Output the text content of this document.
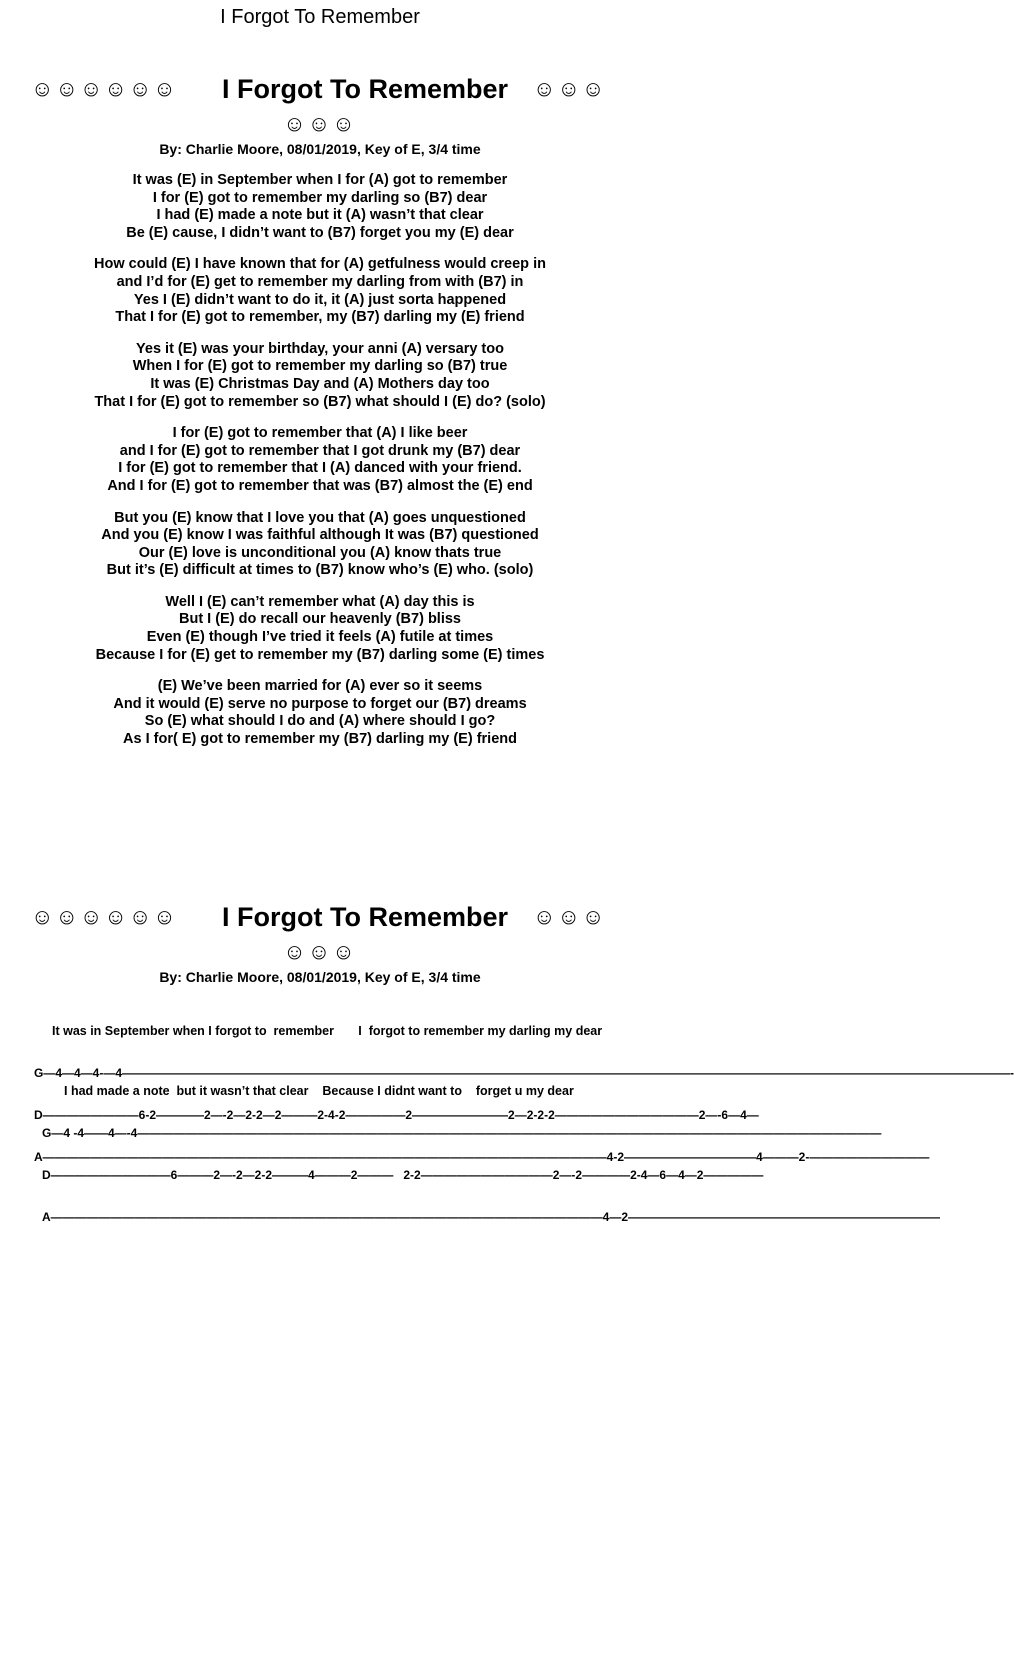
I Forgot To Remember
☺☺☺☺☺☺ I Forgot To Remember ☺☺☺
☺☺☺
By: Charlie Moore, 08/01/2019, Key of E, 3/4 time
It was (E) in September when I for (A) got to remember
I for (E) got to remember my darling so (B7) dear
I had (E) made a note but it (A) wasn’t that clear
Be (E) cause, I didn’t want to (B7) forget you my (E) dear
How could (E) I have known that for (A) getfulness would creep in
and I’d for (E) get to remember my darling from with (B7) in
Yes I (E) didn’t want to do it, it (A) just sorta happened
That I for (E) got to remember, my (B7) darling my (E) friend
Yes it (E) was your birthday, your anni (A) versary too
When I for (E) got to remember my darling so (B7) true
It was (E) Christmas Day and (A) Mothers day too
That I for (E) got to remember so (B7) what should I (E) do? (solo)
I for (E) got to remember that (A) I like beer
and I for (E) got to remember that I got drunk my (B7) dear
I for (E) got to remember that I (A) danced with your friend.
And I for (E) got to remember that was (B7) almost the (E) end
But you (E) know that I love you that (A) goes unquestioned
And you (E) know I was faithful although It was (B7) questioned
Our (E) love is unconditional you (A) know thats true
But it’s (E) difficult at times to (B7) know who’s (E) who. (solo)
Well I (E) can’t remember what (A) day this is
But I (E) do recall our heavenly (B7) bliss
Even (E) though I’ve tried it feels (A) futile at times
Because I for (E) get to remember my (B7) darling some (E) times
(E) We’ve been married for (A) ever so it seems
And it would (E) serve no purpose to forget our (B7) dreams
So (E) what should I do and (A) where should I go?
As I for( E) got to remember my (B7) darling my (E) friend
☺☺☺☺☺☺ I Forgot To Remember ☺☺☺
☺☺☺
By: Charlie Moore, 08/01/2019, Key of E, 3/4 time

It was in September when I forgot to  remember       I  forgot to remember my darling my dear

G—4—4—4-—4——————————————————————————————————————————————————————————————————————————-

D————————6-2————2—-2—2-2—2———2-4-2—————2————————2—2-2-2————————————2—-6—4—

A———————————————————————————————————————————————4-2———————————4———2-——————————

I had made a note  but it wasn’t that clear    Because I didnt want to    forget u my dear

G—4 -4——4—-4——————————————————————————————————————————————————————————————

D——————————6———2—-2—2-2———4———2———   2-2———————————2—-2————2-4—6—4—2—————

A——————————————————————————————————————————————4—2——————————————————————————
